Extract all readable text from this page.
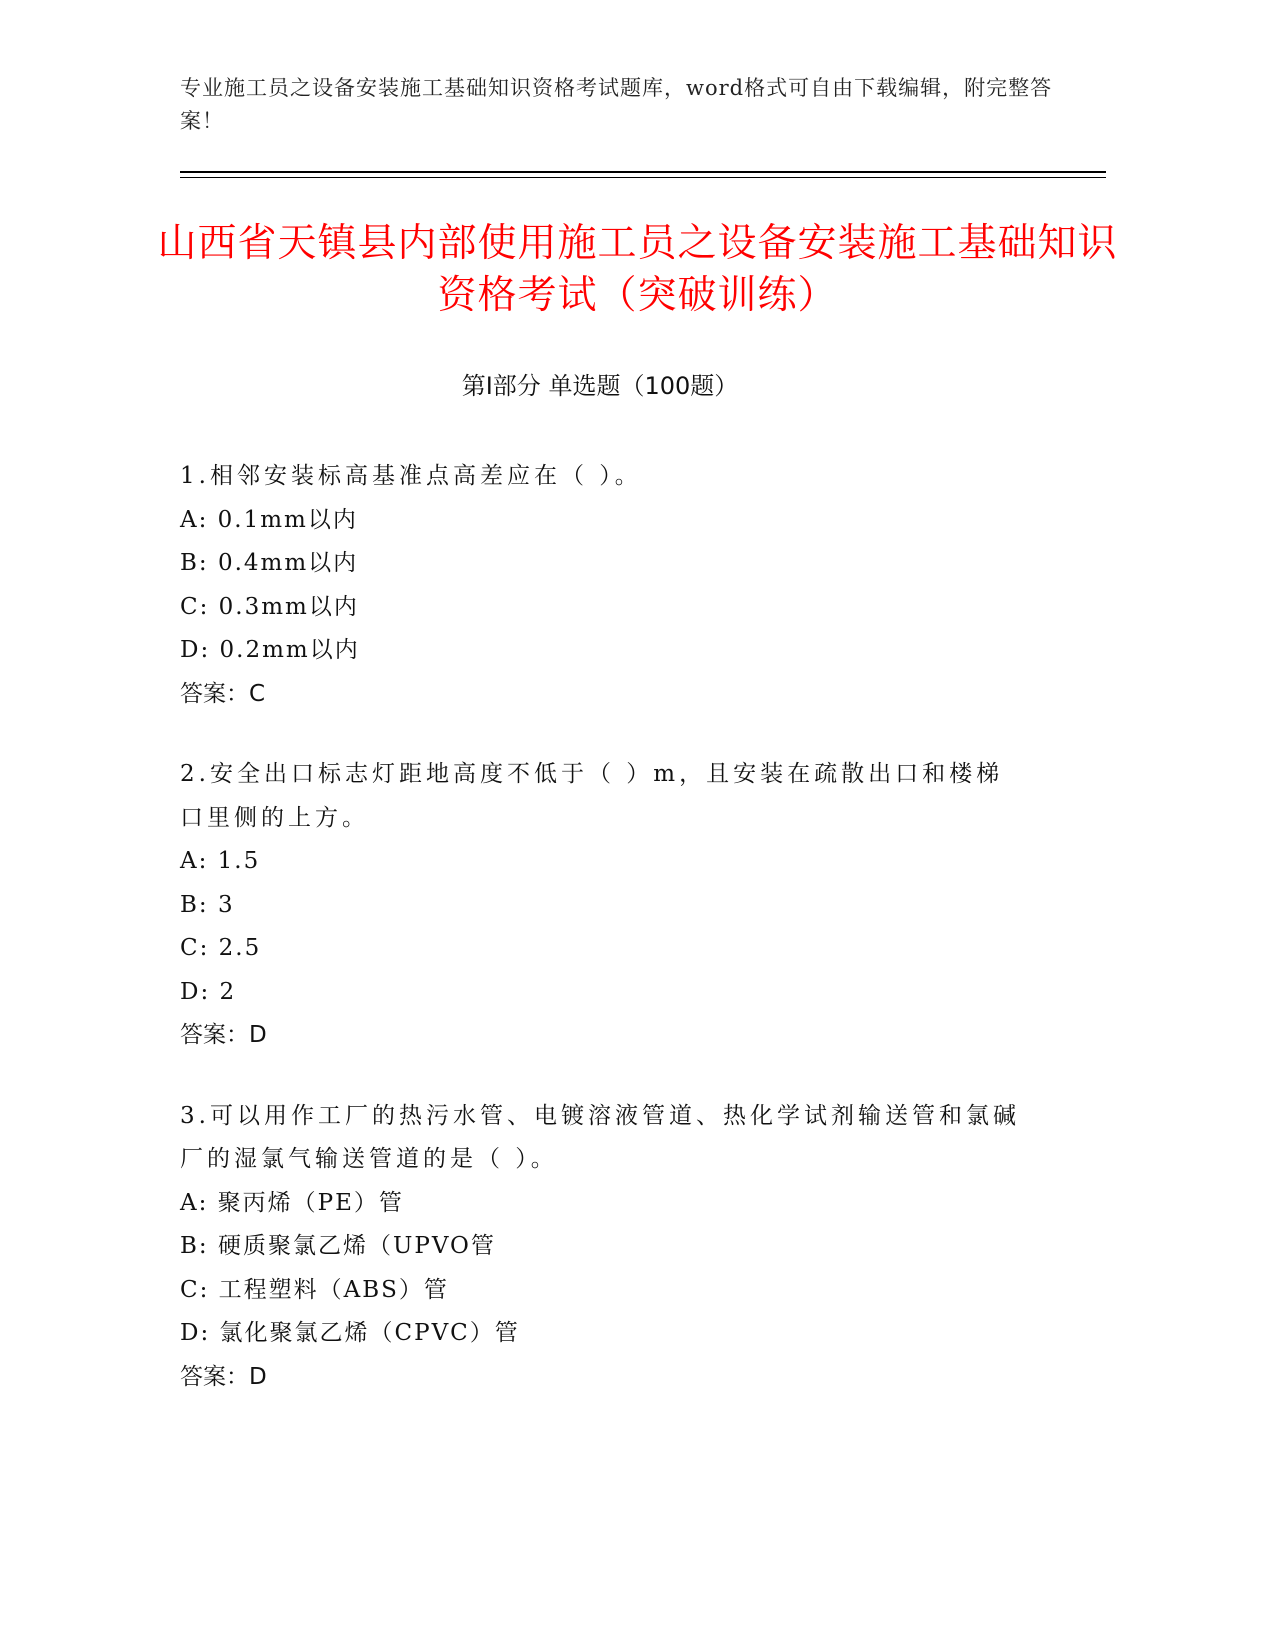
专业施工员之设备安装施工基础知识资格考试题库，word格式可自由下载编辑，附完整答案！
山西省天镇县内部使用施工员之设备安装施工基础知识资格考试（突破训练）
第I部分 单选题（100题）

1.相邻安装标高基准点高差应在（ ）。

A: 0.1mm以内

B: 0.4mm以内

C: 0.3mm以内

D: 0.2mm以内

答案：C

2.安全出口标志灯距地高度不低于（ ）m，且安装在疏散出口和楼梯口里侧的上方。

A: 1.5

B: 3

C: 2.5

D: 2

答案：D

3.可以用作工厂的热污水管、电镀溶液管道、热化学试剂输送管和氯碱厂的湿氯气输送管道的是（ ）。

A: 聚丙烯（PE）管

B: 硬质聚氯乙烯（UPVO管

C: 工程塑料（ABS）管

D: 氯化聚氯乙烯（CPVC）管

答案：D
